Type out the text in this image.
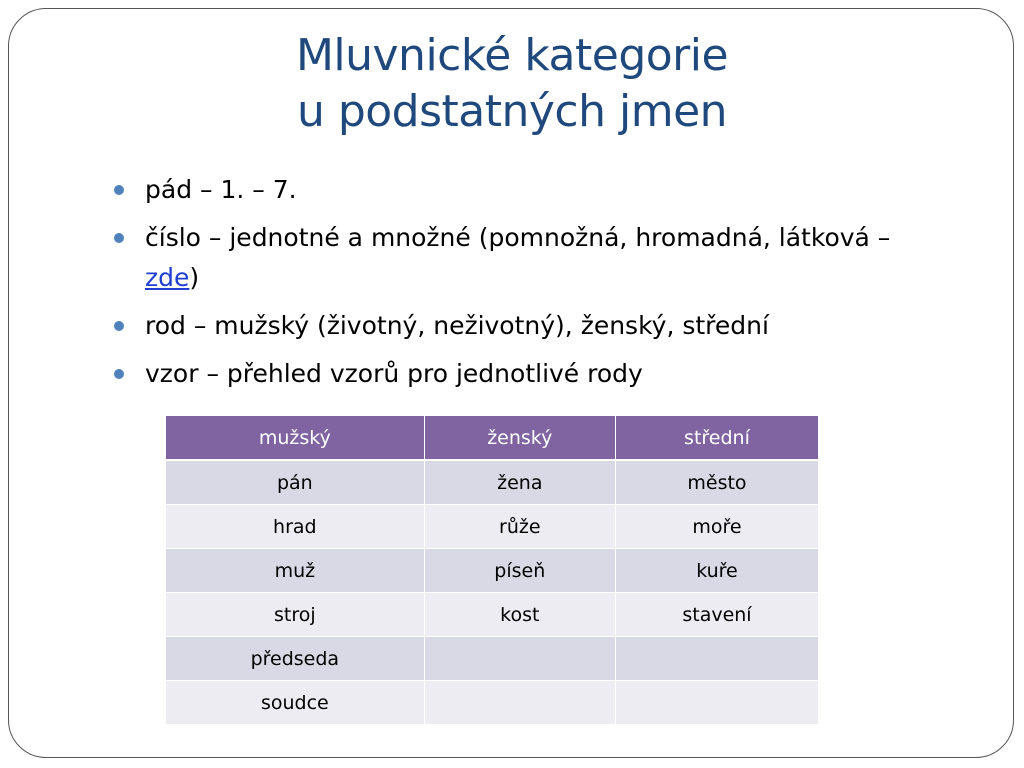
Mluvnické kategorie
u podstatných jmen
pád – 1. – 7.
číslo – jednotné a množné (pomnožná, hromadná, látková – zde)
rod – mužský (životný, neživotný), ženský, střední
vzor – přehled vzorů pro jednotlivé rody
mužský	ženský	střední
pán	žena	město
hrad	růže	moře
muž	píseň	kuře
stroj	kost	stavení
předseda		
soudce		
